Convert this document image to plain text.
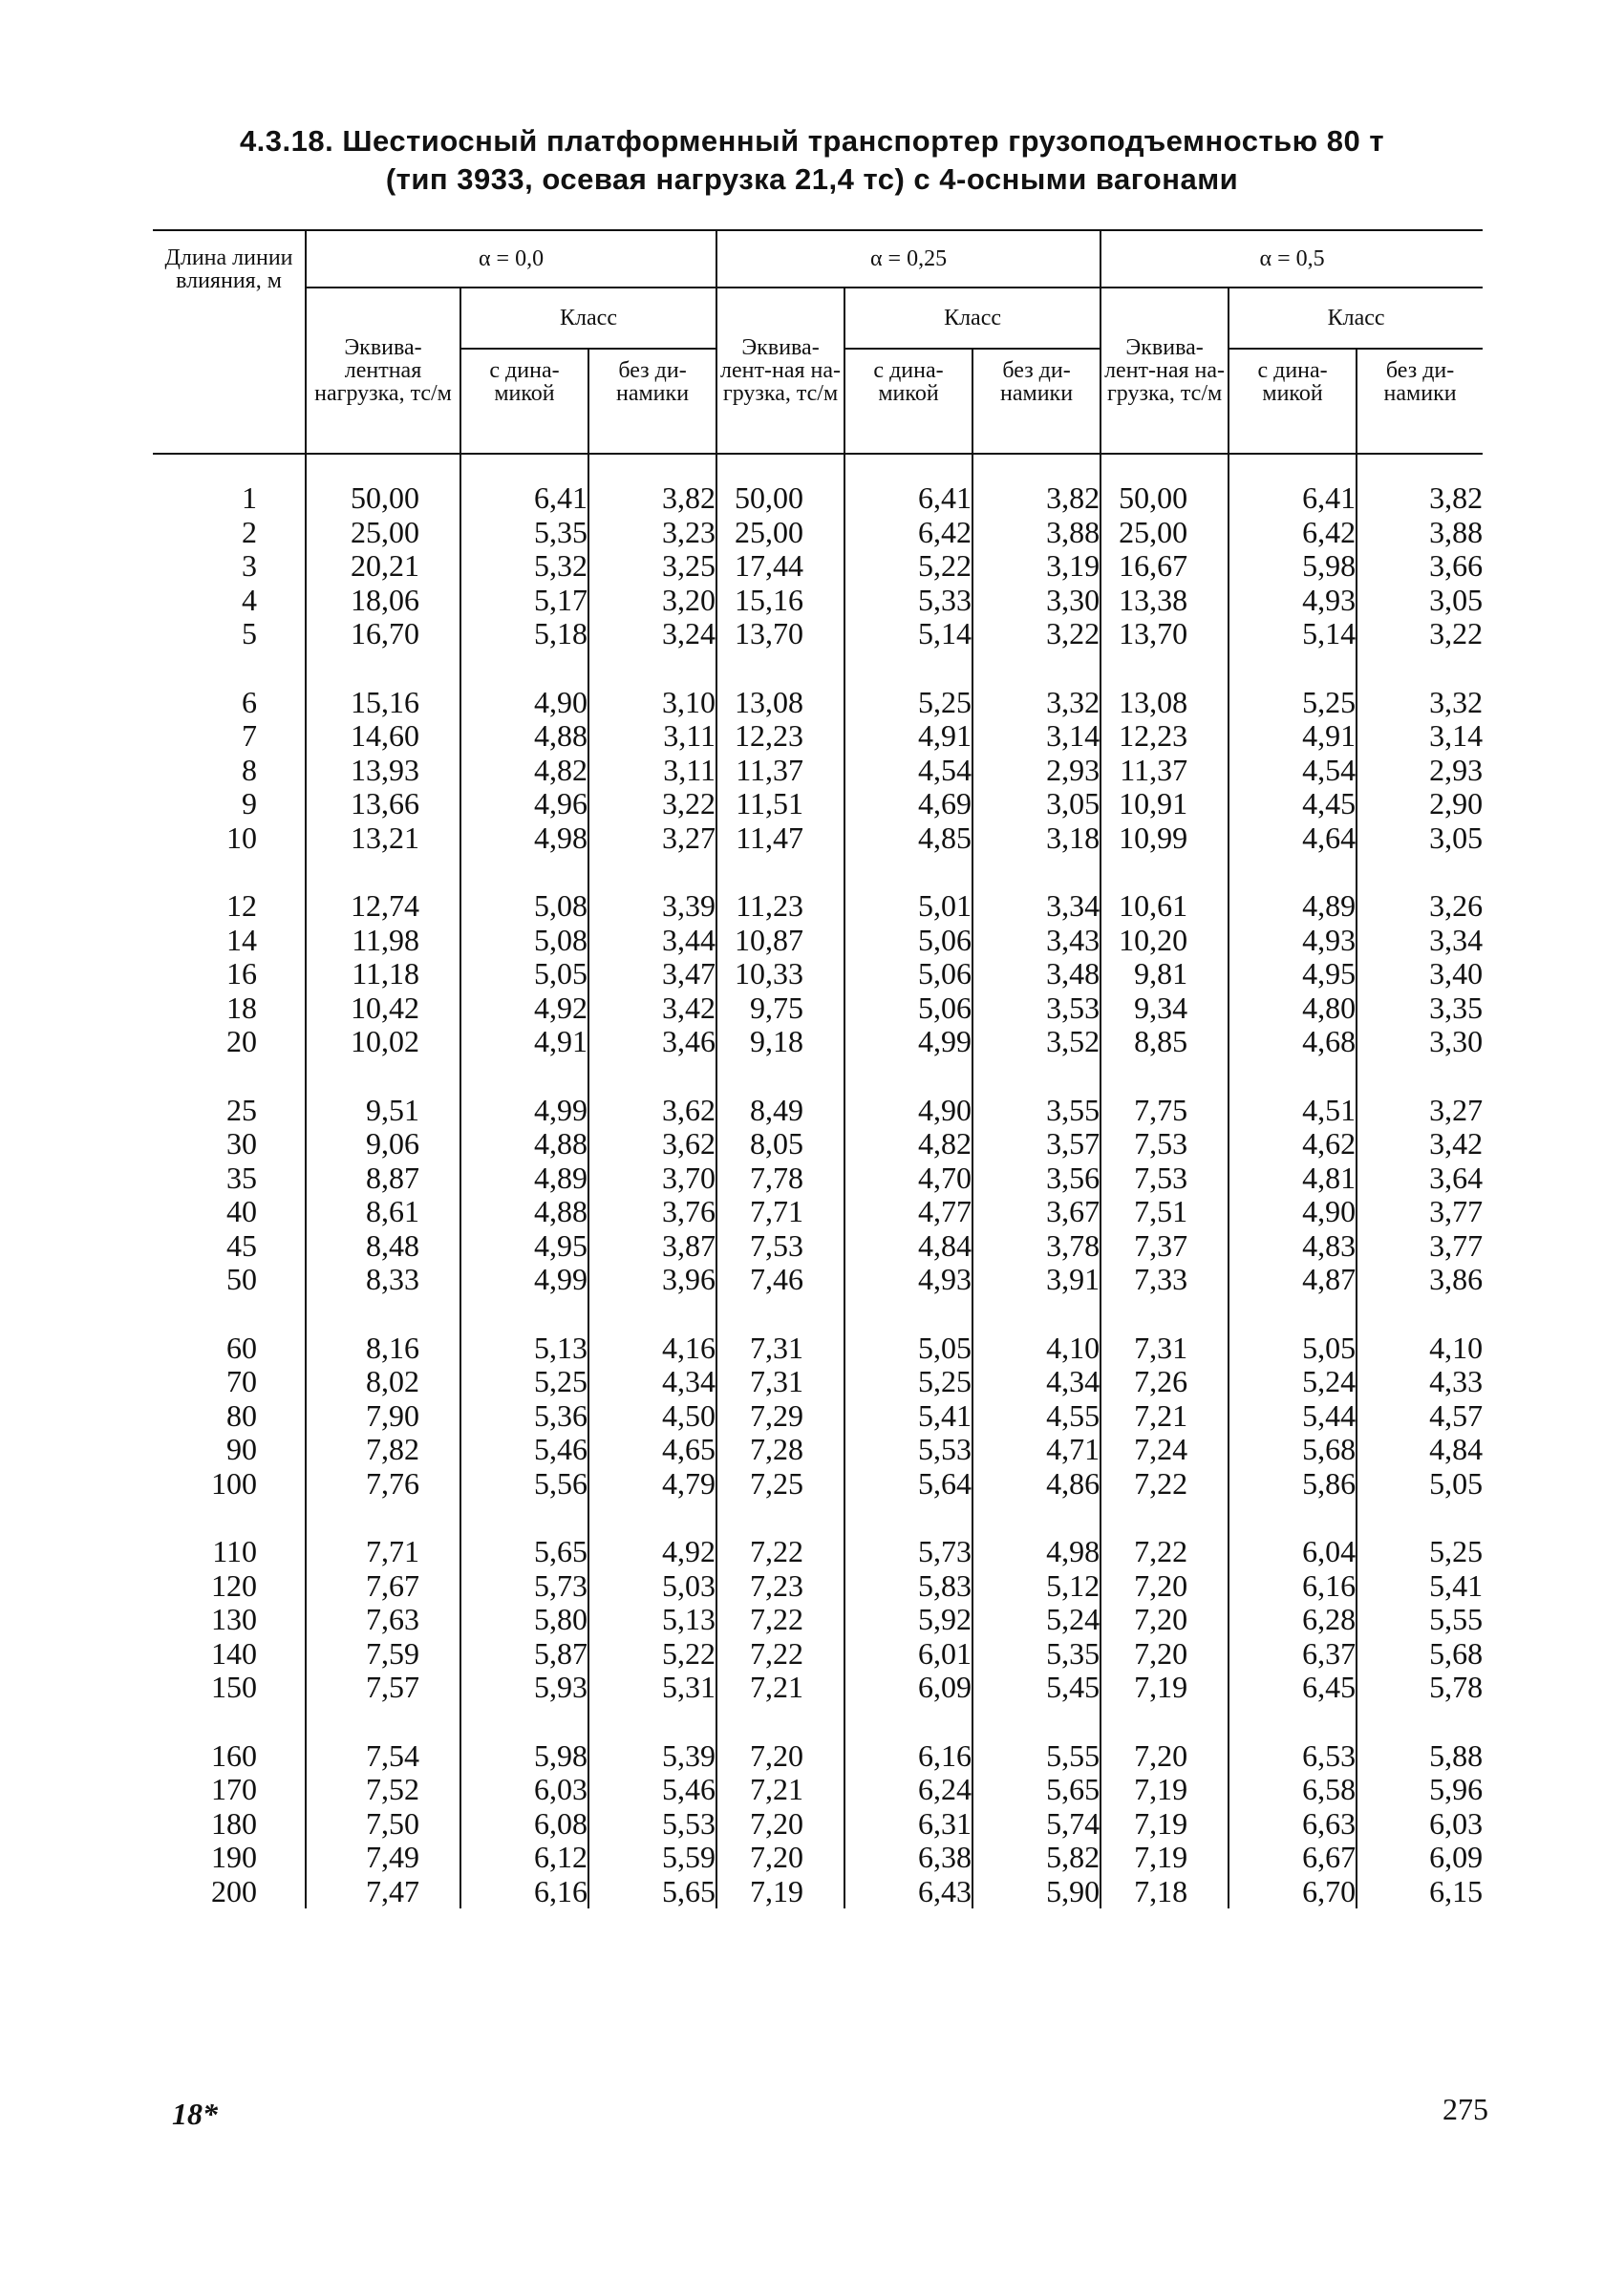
4.3.18. Шестиосный платформенный транспортер грузоподъемностью 80 т
(тип 3933, осевая нагрузка 21,4 тс) с 4-осными вагонами
Длина линии влияния, м	α = 0,0			α = 0,25			α = 0,5		
	Эквива-лентная нагрузка, тс/м	Класс		Эквива-лент-ная на-грузка, тс/м	Класс		Эквива-лент-ная на-грузка, тс/м	Класс	
		с дина-микой	без ди-намики		с дина-микой	без ди-намики		с дина-микой	без ди-намики

1	50,00	6,41	3,82	50,00	6,41	3,82	50,00	6,41	3,82
2	25,00	5,35	3,23	25,00	6,42	3,88	25,00	6,42	3,88
3	20,21	5,32	3,25	17,44	5,22	3,19	16,67	5,98	3,66
4	18,06	5,17	3,20	15,16	5,33	3,30	13,38	4,93	3,05
5	16,70	5,18	3,24	13,70	5,14	3,22	13,70	5,14	3,22

6	15,16	4,90	3,10	13,08	5,25	3,32	13,08	5,25	3,32
7	14,60	4,88	3,11	12,23	4,91	3,14	12,23	4,91	3,14
8	13,93	4,82	3,11	11,37	4,54	2,93	11,37	4,54	2,93
9	13,66	4,96	3,22	11,51	4,69	3,05	10,91	4,45	2,90
10	13,21	4,98	3,27	11,47	4,85	3,18	10,99	4,64	3,05

12	12,74	5,08	3,39	11,23	5,01	3,34	10,61	4,89	3,26
14	11,98	5,08	3,44	10,87	5,06	3,43	10,20	4,93	3,34
16	11,18	5,05	3,47	10,33	5,06	3,48	9,81	4,95	3,40
18	10,42	4,92	3,42	9,75	5,06	3,53	9,34	4,80	3,35
20	10,02	4,91	3,46	9,18	4,99	3,52	8,85	4,68	3,30

25	9,51	4,99	3,62	8,49	4,90	3,55	7,75	4,51	3,27
30	9,06	4,88	3,62	8,05	4,82	3,57	7,53	4,62	3,42
35	8,87	4,89	3,70	7,78	4,70	3,56	7,53	4,81	3,64
40	8,61	4,88	3,76	7,71	4,77	3,67	7,51	4,90	3,77
45	8,48	4,95	3,87	7,53	4,84	3,78	7,37	4,83	3,77
50	8,33	4,99	3,96	7,46	4,93	3,91	7,33	4,87	3,86

60	8,16	5,13	4,16	7,31	5,05	4,10	7,31	5,05	4,10
70	8,02	5,25	4,34	7,31	5,25	4,34	7,26	5,24	4,33
80	7,90	5,36	4,50	7,29	5,41	4,55	7,21	5,44	4,57
90	7,82	5,46	4,65	7,28	5,53	4,71	7,24	5,68	4,84
100	7,76	5,56	4,79	7,25	5,64	4,86	7,22	5,86	5,05

110	7,71	5,65	4,92	7,22	5,73	4,98	7,22	6,04	5,25
120	7,67	5,73	5,03	7,23	5,83	5,12	7,20	6,16	5,41
130	7,63	5,80	5,13	7,22	5,92	5,24	7,20	6,28	5,55
140	7,59	5,87	5,22	7,22	6,01	5,35	7,20	6,37	5,68
150	7,57	5,93	5,31	7,21	6,09	5,45	7,19	6,45	5,78

160	7,54	5,98	5,39	7,20	6,16	5,55	7,20	6,53	5,88
170	7,52	6,03	5,46	7,21	6,24	5,65	7,19	6,58	5,96
180	7,50	6,08	5,53	7,20	6,31	5,74	7,19	6,63	6,03
190	7,49	6,12	5,59	7,20	6,38	5,82	7,19	6,67	6,09
200	7,47	6,16	5,65	7,19	6,43	5,90	7,18	6,70	6,15
18*	275
